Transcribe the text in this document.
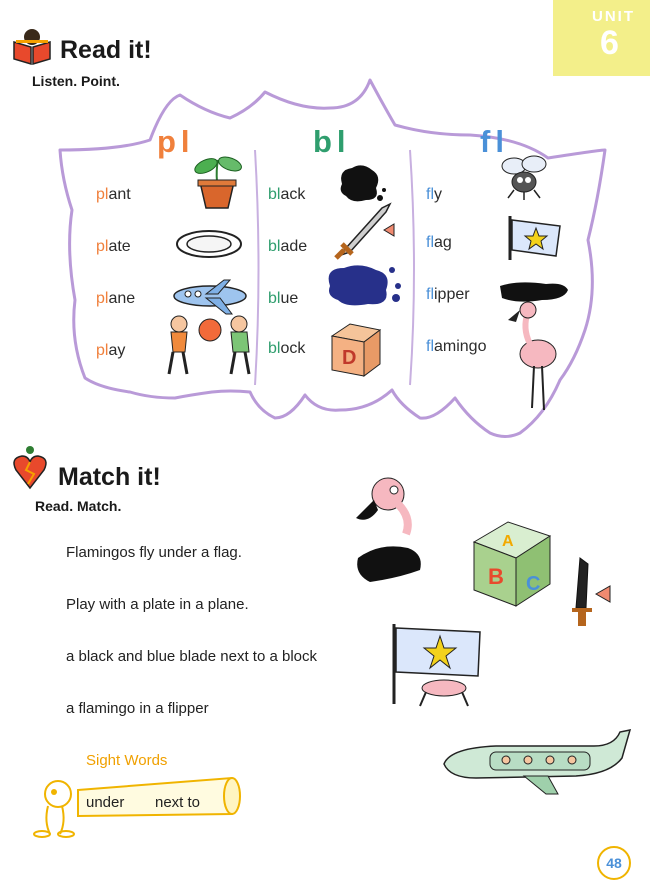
UNIT
6
Read it!
Listen. Point.
pl	bl	fl
plant
plate
plane
play
black
blade
blue
block
fly
flag
flipper
flamingo
D
Match it!
Read. Match.
Flamingos fly under a flag.
Play with a plate in a plane.
a black and blue blade next to a block
a flamingo in a flipper
A
B C
Sight Words
under next to
48
